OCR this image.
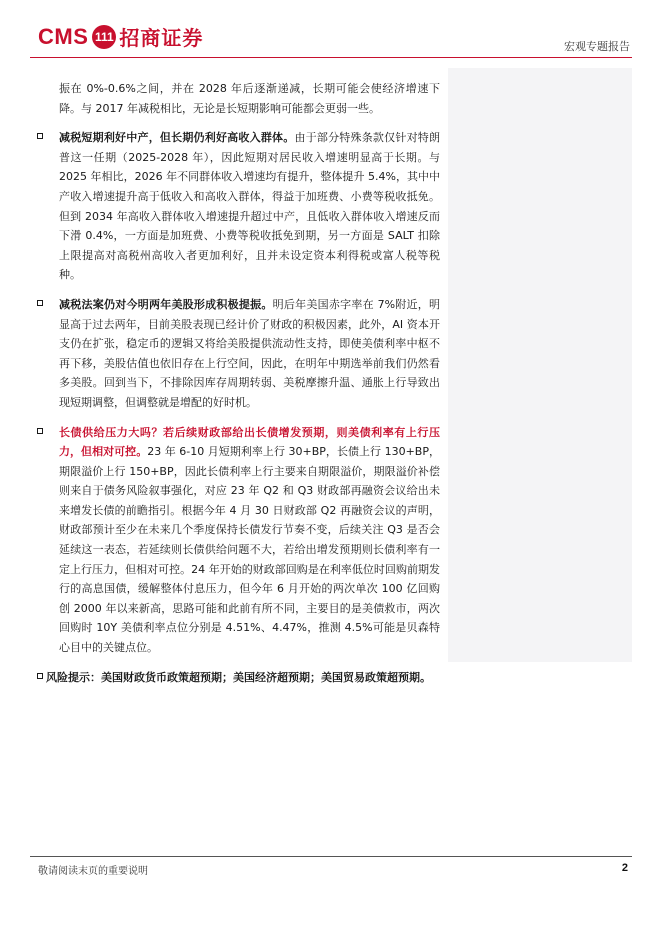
CMS 111 招商证券	宏观专题报告

振在 0%-0.6%之间，并在 2028 年后逐渐递减，长期可能会使经济增速下降。与 2017 年减税相比，无论是长短期影响可能都会更弱一些。

减税短期利好中产，但长期仍利好高收入群体。由于部分特殊条款仅针对特朗普这一任期（2025-2028 年），因此短期对居民收入增速明显高于长期。与 2025 年相比，2026 年不同群体收入增速均有提升，整体提升 5.4%，其中中产收入增速提升高于低收入和高收入群体，得益于加班费、小费等税收抵免。但到 2034 年高收入群体收入增速提升超过中产，且低收入群体收入增速反而下滑 0.4%，一方面是加班费、小费等税收抵免到期，另一方面是 SALT 扣除上限提高对高税州高收入者更加利好，且并未设定资本利得税或富人税等税种。

减税法案仍对今明两年美股形成积极提振。明后年美国赤字率在 7%附近，明显高于过去两年，目前美股表现已经计价了财政的积极因素，此外，AI 资本开支仍在扩张，稳定币的逻辑又将给美股提供流动性支持，即使美债利率中枢不再下移，美股估值也依旧存在上行空间，因此，在明年中期选举前我们仍然看多美股。回到当下，不排除因库存周期转弱、美税摩擦升温、通胀上行导致出现短期调整，但调整就是增配的好时机。

长债供给压力大吗？若后续财政部给出长债增发预期，则美债利率有上行压力，但相对可控。23 年 6-10 月短期利率上行 30+BP，长债上行 130+BP，期限溢价上行 150+BP，因此长债利率上行主要来自期限溢价，期限溢价补偿则来自于债务风险叙事强化，对应 23 年 Q2 和 Q3 财政部再融资会议给出未来增发长债的前瞻指引。根据今年 4 月 30 日财政部 Q2 再融资会议的声明，财政部预计至少在未来几个季度保持长债发行节奏不变，后续关注 Q3 是否会延续这一表态，若延续则长债供给问题不大，若给出增发预期则长债利率有一定上行压力，但相对可控。24 年开始的财政部回购是在利率低位时回购前期发行的高息国债，缓解整体付息压力，但今年 6 月开始的两次单次 100 亿回购创 2000 年以来新高，思路可能和此前有所不同，主要目的是美债救市，两次回购时 10Y 美债利率点位分别是 4.51%、4.47%，推测 4.5%可能是贝森特心目中的关键点位。

风险提示：美国财政货币政策超预期；美国经济超预期；美国贸易政策超预期。

敬请阅读末页的重要说明	2
